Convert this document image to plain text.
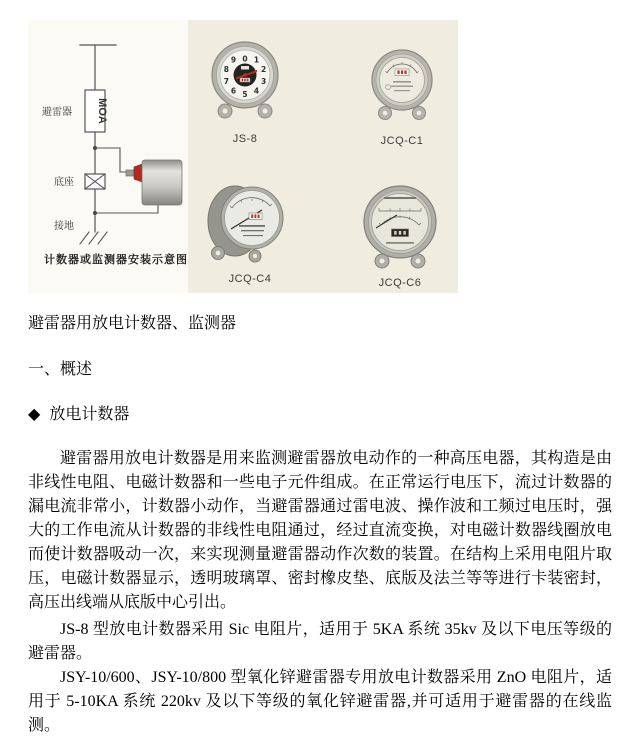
MOA
避雷器
底座
接地
计数器或监测器安装示意图
0 1
2
3
4
5
6
7
8
9
JS-8	JCQ-C1
JCQ-C4	JCQ-C6
避雷器用放电计数器、监测器
一、概述
◆ 放电计数器

避雷器用放电计数器是用来监测避雷器放电动作的一种高压电器，其构造是由非线性电阻、电磁计数器和一些电子元件组成。在正常运行电压下，流过计数器的漏电流非常小，计数器小动作，当避雷器通过雷电波、操作波和工频过电压时，强大的工作电流从计数器的非线性电阻通过，经过直流变换，对电磁计数器线圈放电而使计数器吸动一次，来实现测量避雷器动作次数的装置。在结构上采用电阻片取压，电磁计数器显示，透明玻璃罩、密封橡皮垫、底版及法兰等等进行卡装密封，高压出线端从底版中心引出。

JS-8 型放电计数器采用 Sic 电阻片，适用于 5KA 系统 35kv 及以下电压等级的避雷器。

JSY-10/600、JSY-10/800 型氧化锌避雷器专用放电计数器采用 ZnO 电阻片，适用于 5-10KA 系统 220kv 及以下等级的氧化锌避雷器,并可适用于避雷器的在线监测。
